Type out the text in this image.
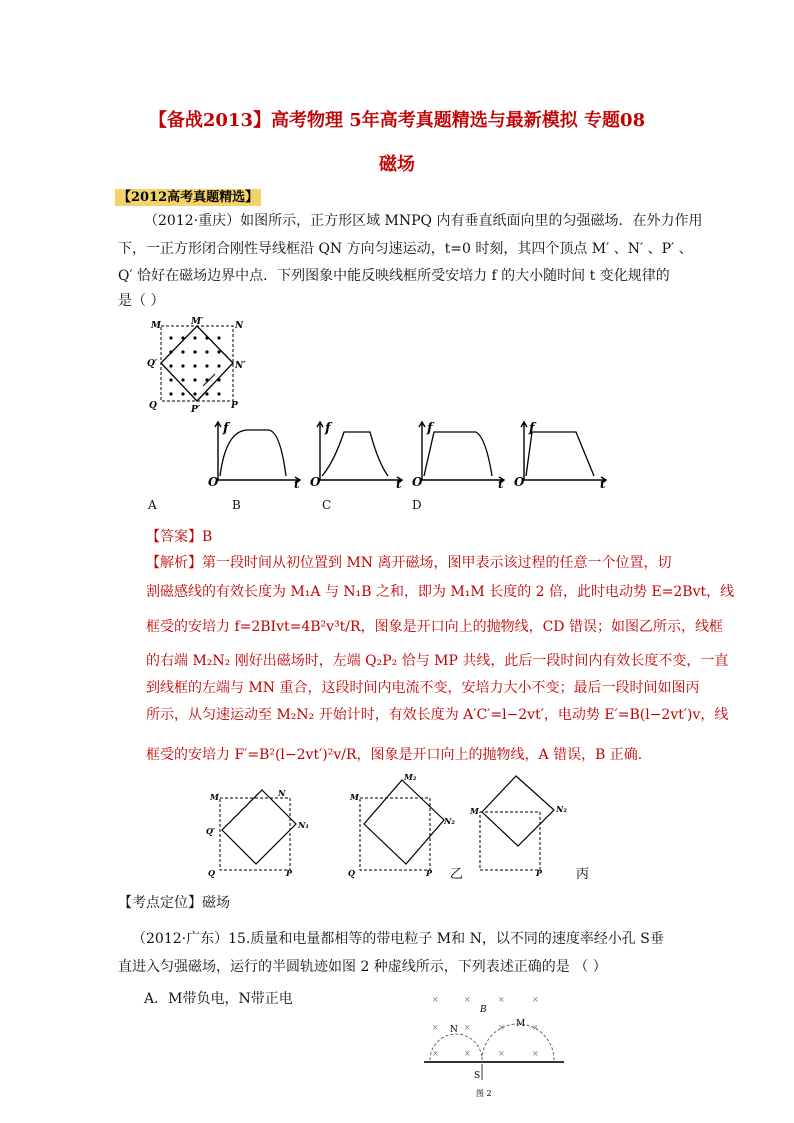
【备战2013】高考物理 5年高考真题精选与最新模拟 专题08
磁场
【2012高考真题精选】
（2012·重庆）如图所示，正方形区域 MNPQ 内有垂直纸面向里的匀强磁场．在外力作用
下，一正方形闭合刚性导线框沿 QN 方向匀速运动，t=0 时刻，其四个顶点 M′ 、N′ 、P′ 、
Q′ 恰好在磁场边界中点．下列图象中能反映线框所受安培力 f 的大小随时间 t 变化规律的
是（ ）
M	M′	N
N′
Q′
Q	P′	P
f
O	t
f
O	t
f
O	t
f
O	t
A	B	C	D
【答案】B
【解析】第一段时间从初位置到 MN 离开磁场，图甲表示该过程的任意一个位置，切
割磁感线的有效长度为 M₁A 与 N₁B 之和，即为 M₁M 长度的 2 倍，此时电动势 E=2Bvt，线
框受的安培力 f=2BIvt=4B²v³t/R，图象是开口向上的抛物线，CD 错误；如图乙所示，线框
的右端 M₂N₂ 刚好出磁场时，左端 Q₂P₂ 恰与 MP 共线，此后一段时间内有效长度不变，一直
到线框的左端与 MN 重合，这段时间内电流不变，安培力大小不变；最后一段时间如图丙
所示，从匀速运动至 M₂N₂ 开始计时，有效长度为 A′C′=l−2vt′，电动势 E′=B(l−2vt′)v，线
框受的安培力 F′=B²(l−2vt′)²v/R，图象是开口向上的抛物线，A 错误，B 正确．
M	N
Q′
Q	P
N₁
M
M₂
N₂
Q	P
M	N₂
P
乙	丙
【考点定位】磁场
（2012·广东）15.质量和电量都相等的带电粒子 M和 N，以不同的速度率经小孔 S垂
直进入匀强磁场，运行的半圆轨迹如图 2 种虚线所示，下列表述正确的是 （ ）
A．M带负电，N带正电	×	×	×	×
×	×	×	×
×	×	×	×
B
N
M
S
图 2
